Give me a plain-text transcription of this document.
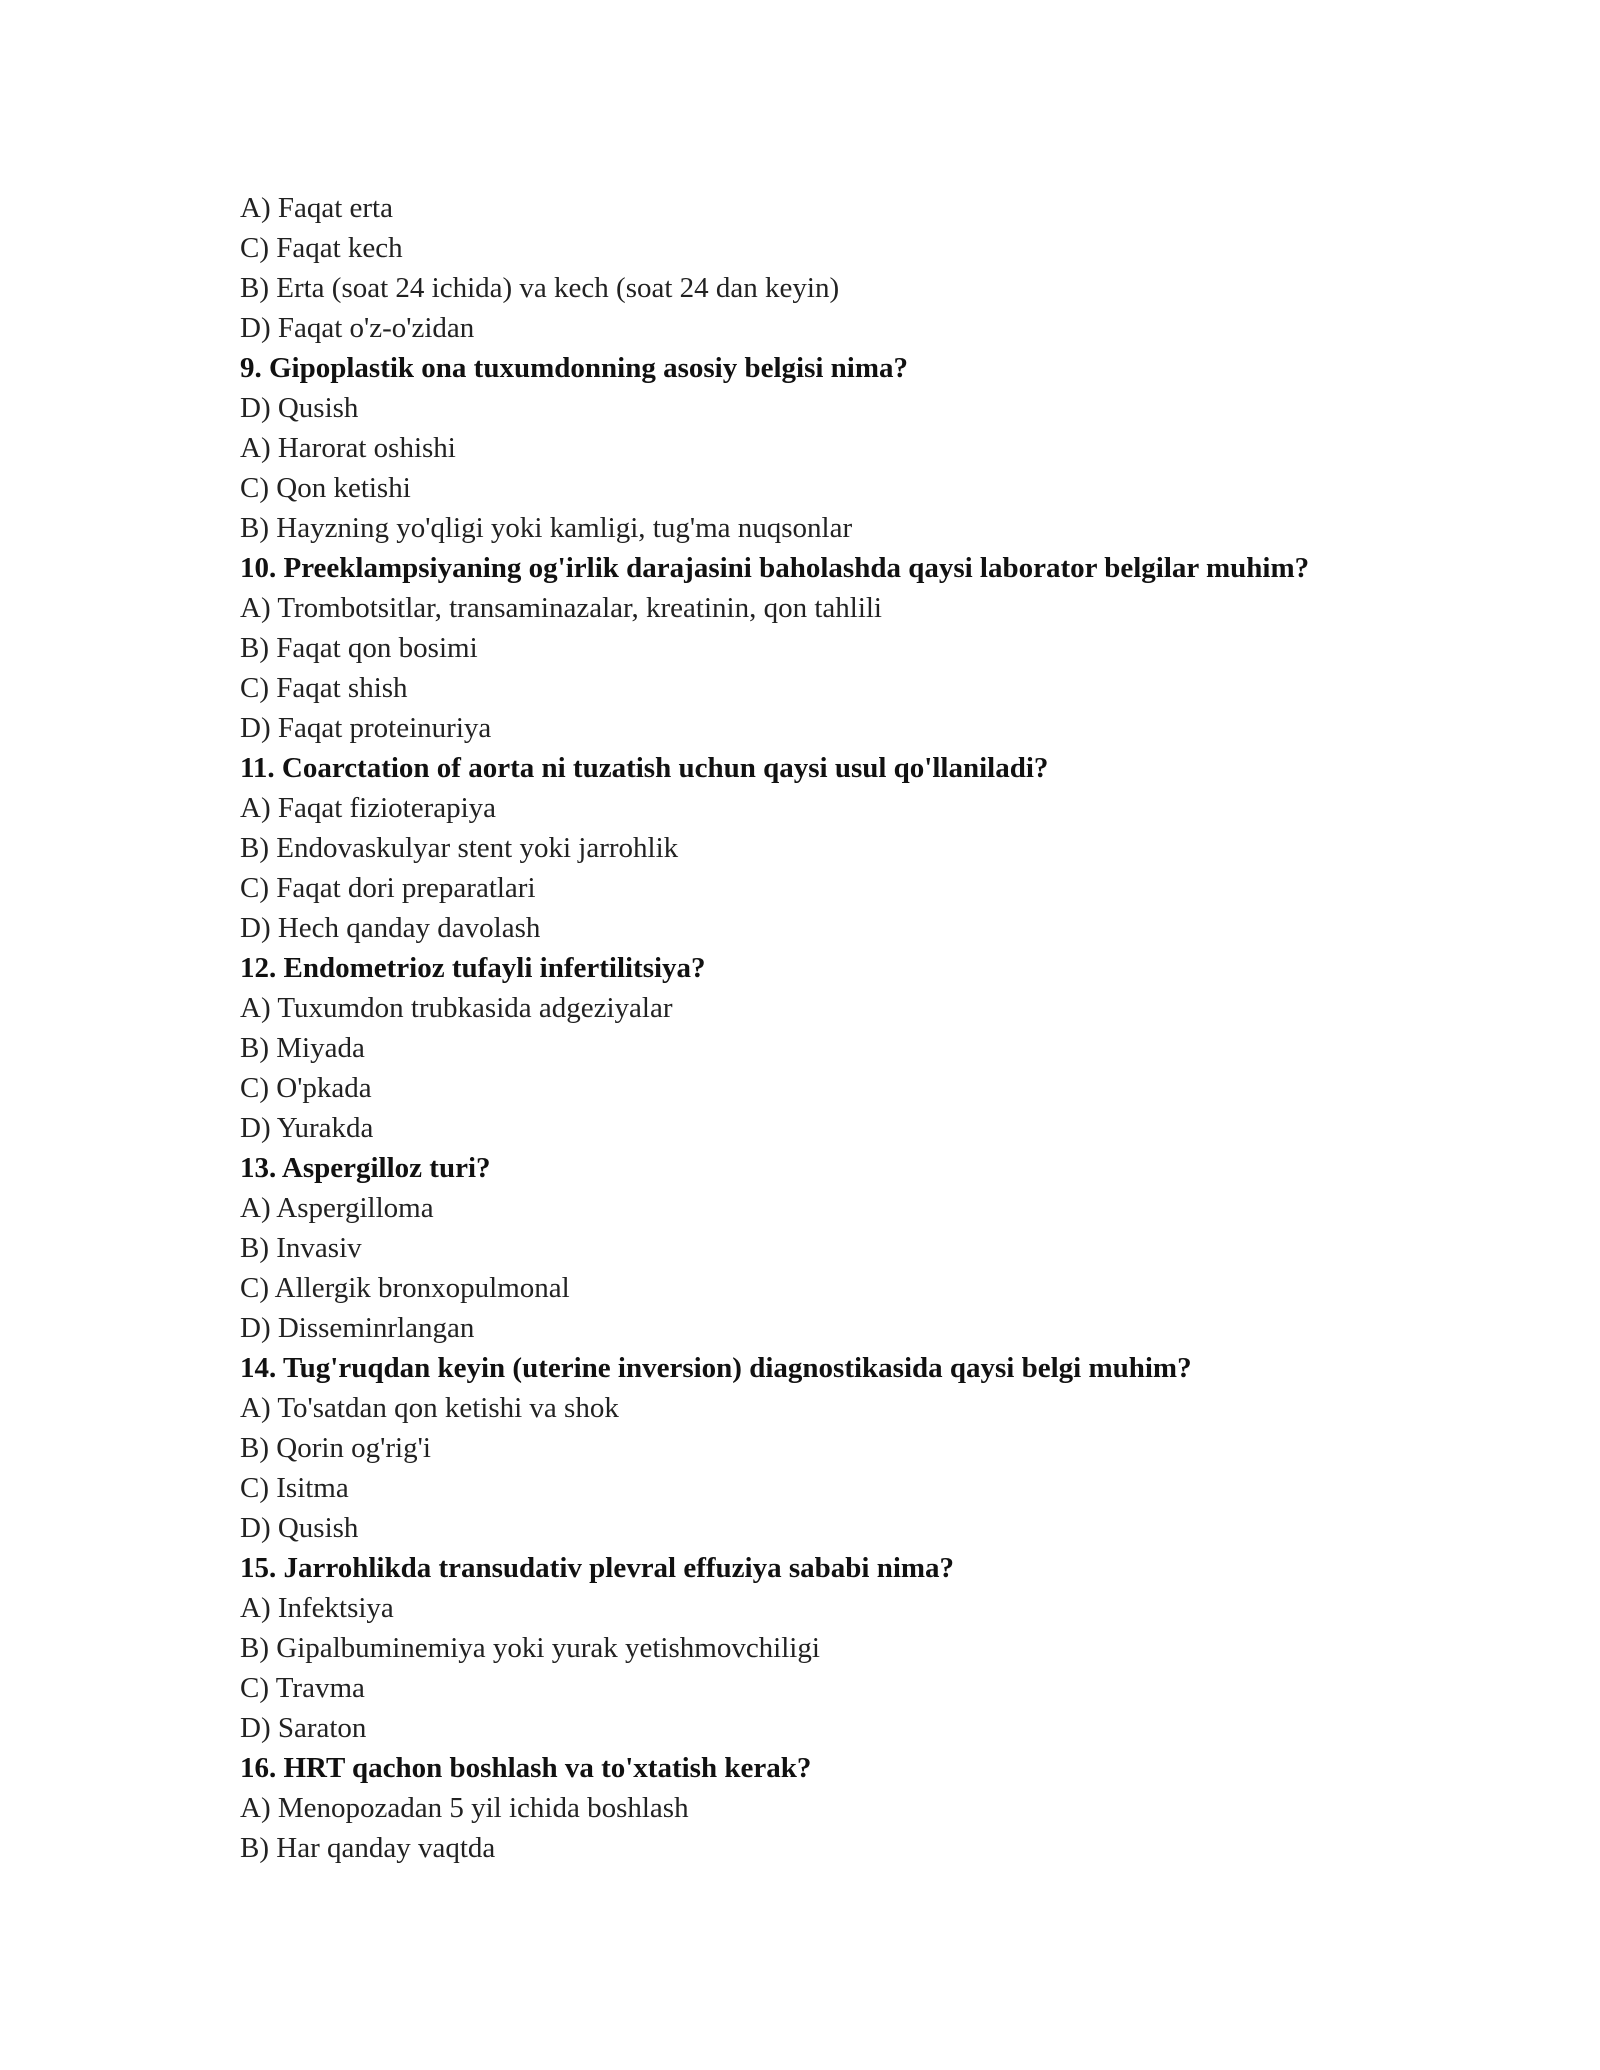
A) Faqat erta

C) Faqat kech

B) Erta (soat 24 ichida) va kech (soat 24 dan keyin)

D) Faqat o'z-o'zidan

9. Gipoplastik ona tuxumdonning asosiy belgisi nima?

D) Qusish

A) Harorat oshishi

C) Qon ketishi

B) Hayzning yo'qligi yoki kamligi, tug'ma nuqsonlar

10. Preeklampsiyaning og'irlik darajasini baholashda qaysi laborator belgilar muhim?

A) Trombotsitlar, transaminazalar, kreatinin, qon tahlili

B) Faqat qon bosimi

C) Faqat shish

D) Faqat proteinuriya

11. Coarctation of aorta ni tuzatish uchun qaysi usul qo'llaniladi?

A) Faqat fizioterapiya

B) Endovaskulyar stent yoki jarrohlik

C) Faqat dori preparatlari

D) Hech qanday davolash

12. Endometrioz tufayli infertilitsiya?

A) Tuxumdon trubkasida adgeziyalar

B) Miyada

C) O'pkada

D) Yurakda

13. Aspergilloz turi?

A) Aspergilloma

B) Invasiv

C) Allergik bronxopulmonal

D) Disseminrlangan

14. Tug'ruqdan keyin (uterine inversion) diagnostikasida qaysi belgi muhim?

A) To'satdan qon ketishi va shok

B) Qorin og'rig'i

C) Isitma

D) Qusish

15. Jarrohlikda transudativ plevral effuziya sababi nima?

A) Infektsiya

B) Gipalbuminemiya yoki yurak yetishmovchiligi

C) Travma

D) Saraton

16. HRT qachon boshlash va to'xtatish kerak?

A) Menopozadan 5 yil ichida boshlash

B) Har qanday vaqtda
